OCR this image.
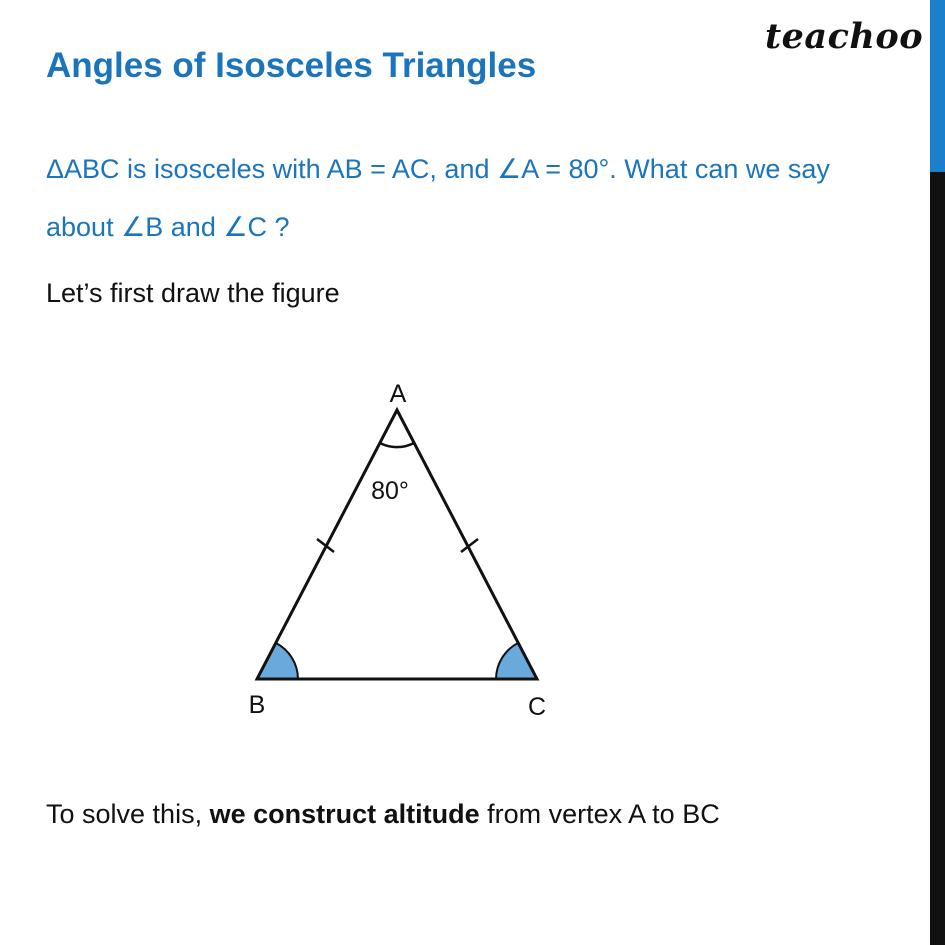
teachoo
Angles of Isosceles Triangles
ΔABC is isosceles with AB = AC, and ∠A = 80°. What can we say
about ∠B and ∠C ?
Let’s first draw the figure
A
B	C
80°
To solve this, we construct altitude from vertex A to BC
